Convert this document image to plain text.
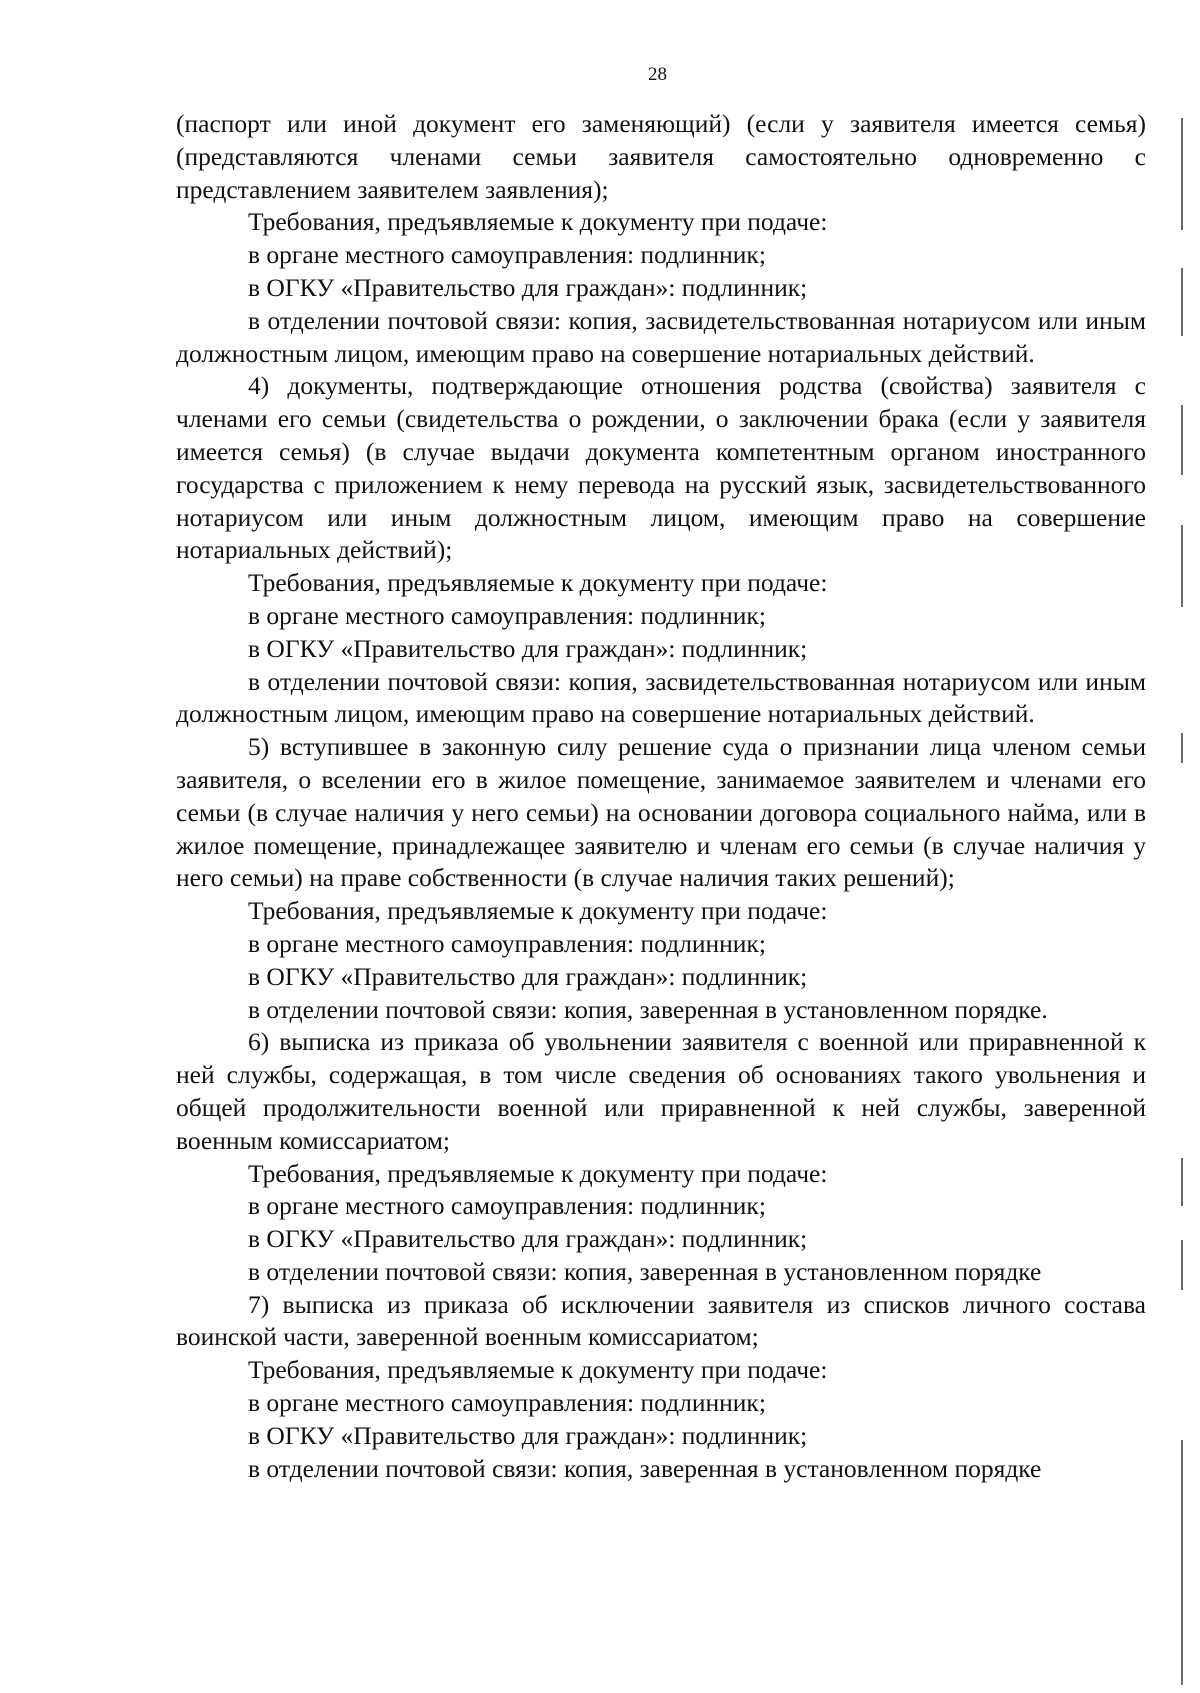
28

(паспорт или иной документ его заменяющий) (если у заявителя имеется семья) (представляются членами семьи заявителя самостоятельно одновременно с представлением заявителем заявления);

Требования, предъявляемые к документу при подаче:

в органе местного самоуправления: подлинник;

в ОГКУ «Правительство для граждан»: подлинник;

в отделении почтовой связи: копия, засвидетельствованная нотариусом или иным должностным лицом, имеющим право на совершение нотариальных действий.

4) документы, подтверждающие отношения родства (свойства) заявителя с членами его семьи (свидетельства о рождении, о заключении брака (если у заявителя имеется семья) (в случае выдачи документа компетентным органом иностранного государства с приложением к нему перевода на русский язык, засвидетельствованного нотариусом или иным должностным лицом, имеющим право на совершение нотариальных действий);

Требования, предъявляемые к документу при подаче:

в органе местного самоуправления: подлинник;

в ОГКУ «Правительство для граждан»: подлинник;

в отделении почтовой связи: копия, засвидетельствованная нотариусом или иным должностным лицом, имеющим право на совершение нотариальных действий.

5) вступившее в законную силу решение суда о признании лица членом семьи заявителя, о вселении его в жилое помещение, занимаемое заявителем и членами его семьи (в случае наличия у него семьи) на основании договора социального найма, или в жилое помещение, принадлежащее заявителю и членам его семьи (в случае наличия у него семьи) на праве собственности (в случае наличия таких решений);

Требования, предъявляемые к документу при подаче:

в органе местного самоуправления: подлинник;

в ОГКУ «Правительство для граждан»: подлинник;

в отделении почтовой связи: копия, заверенная в установленном порядке.

6) выписка из приказа об увольнении заявителя с военной или приравненной к ней службы, содержащая, в том числе сведения об основаниях такого увольнения и общей продолжительности военной или приравненной к ней службы, заверенной военным комиссариатом;

Требования, предъявляемые к документу при подаче:

в органе местного самоуправления: подлинник;

в ОГКУ «Правительство для граждан»: подлинник;

в отделении почтовой связи: копия, заверенная в установленном порядке

7) выписка из приказа об исключении заявителя из списков личного состава воинской части, заверенной военным комиссариатом;

Требования, предъявляемые к документу при подаче:

в органе местного самоуправления: подлинник;

в ОГКУ «Правительство для граждан»: подлинник;

в отделении почтовой связи: копия, заверенная в установленном порядке
